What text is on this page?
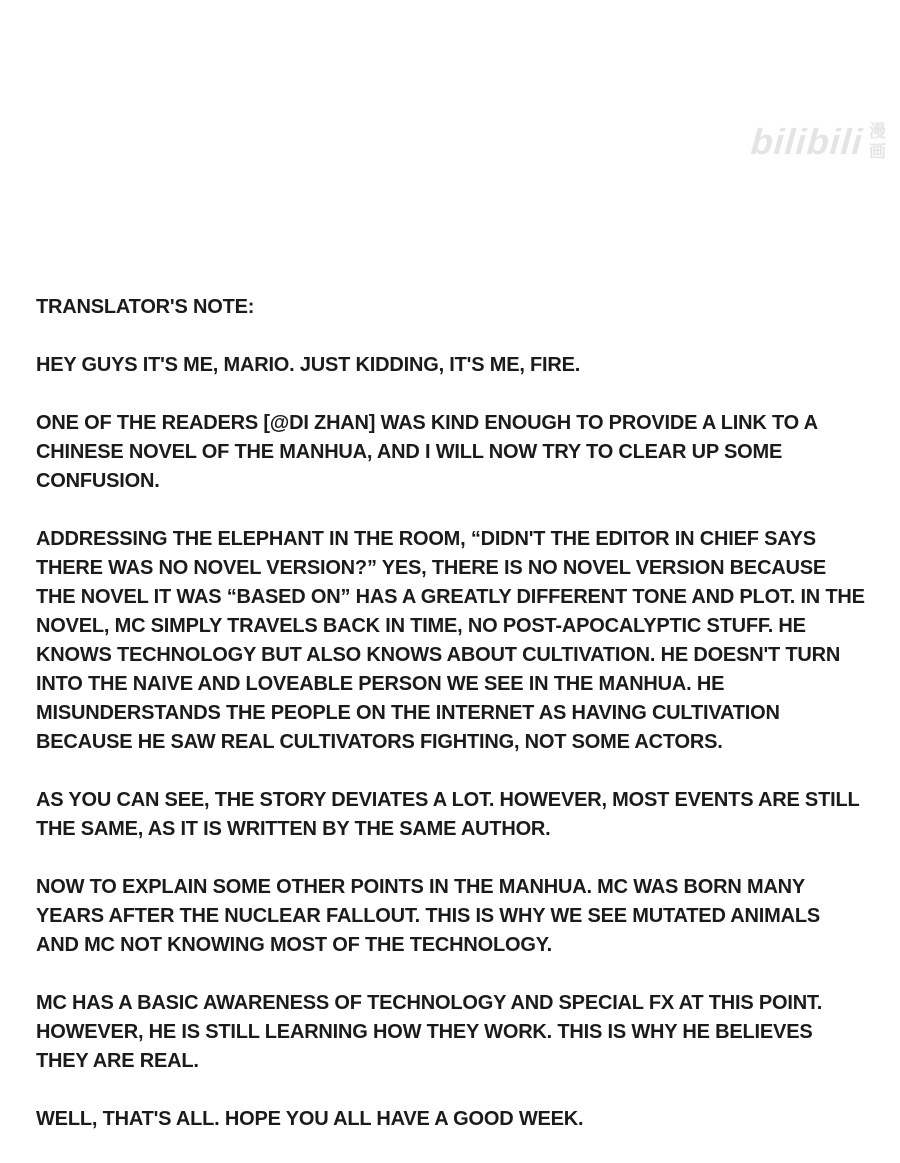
bilibili 漫
画

TRANSLATOR'S NOTE:

HEY GUYS IT'S ME, MARIO. JUST KIDDING, IT'S ME, FIRE.

ONE OF THE READERS [@DI ZHAN] WAS KIND ENOUGH TO PROVIDE A LINK TO A CHINESE NOVEL OF THE MANHUA, AND I WILL NOW TRY TO CLEAR UP SOME CONFUSION.

ADDRESSING THE ELEPHANT IN THE ROOM, “DIDN'T THE EDITOR IN CHIEF SAYS THERE WAS NO NOVEL VERSION?” YES, THERE IS NO NOVEL VERSION BECAUSE THE NOVEL IT WAS “BASED ON” HAS A GREATLY DIFFERENT TONE AND PLOT. IN THE NOVEL, MC SIMPLY TRAVELS BACK IN TIME, NO POST-APOCALYPTIC STUFF. HE KNOWS TECHNOLOGY BUT ALSO KNOWS ABOUT CULTIVATION. HE DOESN'T TURN INTO THE NAIVE AND LOVEABLE PERSON WE SEE IN THE MANHUA. HE MISUNDERSTANDS THE PEOPLE ON THE INTERNET AS HAVING CULTIVATION BECAUSE HE SAW REAL CULTIVATORS FIGHTING, NOT SOME ACTORS.

AS YOU CAN SEE, THE STORY DEVIATES A LOT. HOWEVER, MOST EVENTS ARE STILL THE SAME, AS IT IS WRITTEN BY THE SAME AUTHOR.

NOW TO EXPLAIN SOME OTHER POINTS IN THE MANHUA. MC WAS BORN MANY YEARS AFTER THE NUCLEAR FALLOUT. THIS IS WHY WE SEE MUTATED ANIMALS AND MC NOT KNOWING MOST OF THE TECHNOLOGY.

MC HAS A BASIC AWARENESS OF TECHNOLOGY AND SPECIAL FX AT THIS POINT. HOWEVER, HE IS STILL LEARNING HOW THEY WORK. THIS IS WHY HE BELIEVES THEY ARE REAL.

WELL, THAT'S ALL. HOPE YOU ALL HAVE A GOOD WEEK.
